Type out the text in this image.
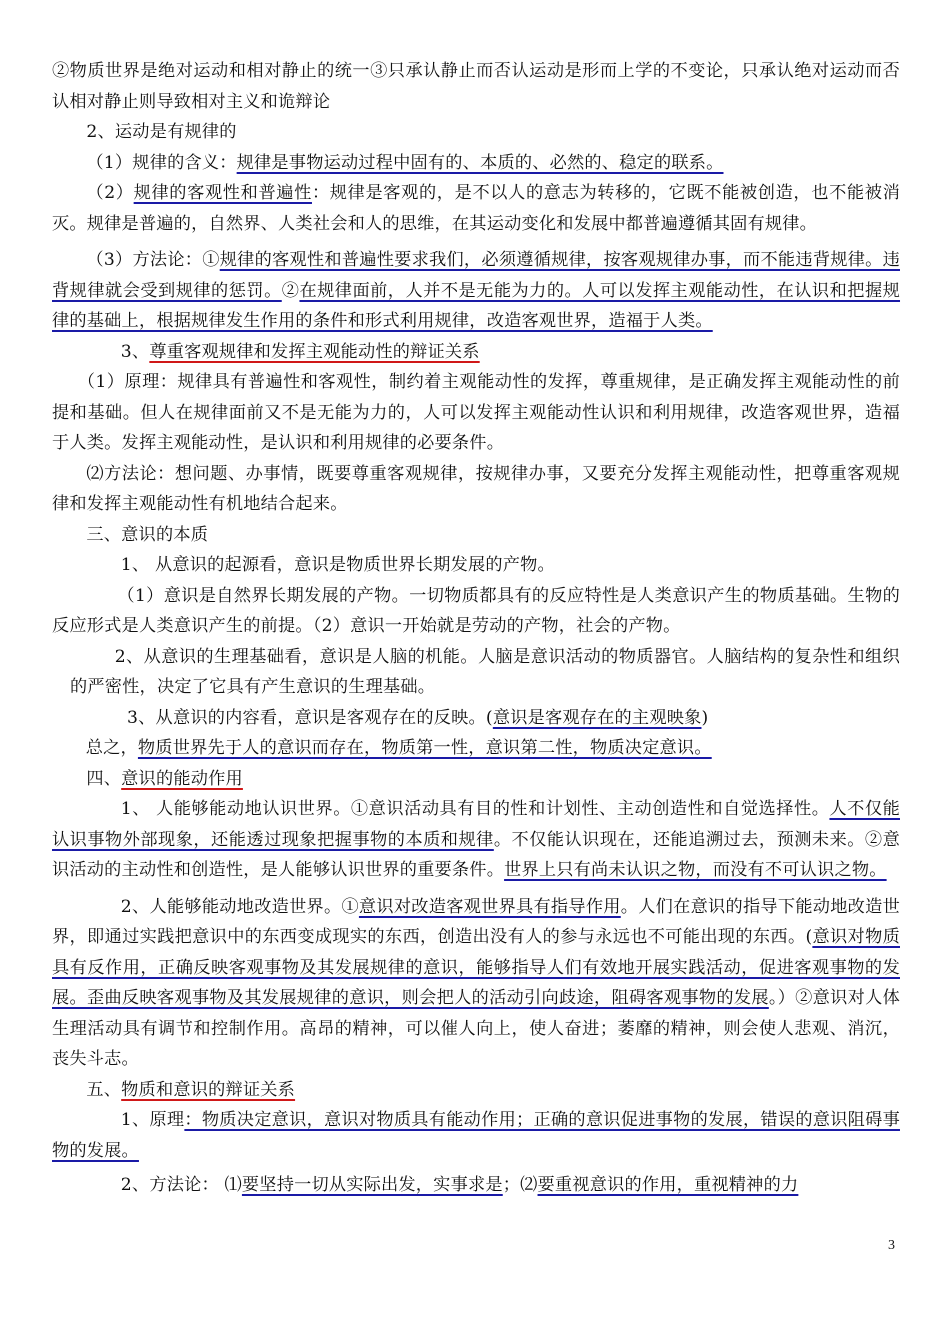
②物质世界是绝对运动和相对静止的统一③只承认静止而否认运动是形而上学的不变论，只承认绝对运动而否认相对静止则导致相对主义和诡辩论

2、运动是有规律的

（1）规律的含义：规律是事物运动过程中固有的、本质的、必然的、稳定的联系。

（2）规律的客观性和普遍性：规律是客观的，是不以人的意志为转移的，它既不能被创造，也不能被消灭。规律是普遍的，自然界、人类社会和人的思维，在其运动变化和发展中都普遍遵循其固有规律。

（3）方法论：①规律的客观性和普遍性要求我们，必须遵循规律，按客观规律办事，而不能违背规律。违背规律就会受到规律的惩罚。②在规律面前，人并不是无能为力的。人可以发挥主观能动性，在认识和把握规律的基础上，根据规律发生作用的条件和形式利用规律，改造客观世界，造福于人类。

3、尊重客观规律和发挥主观能动性的辩证关系

（1）原理：规律具有普遍性和客观性，制约着主观能动性的发挥，尊重规律，是正确发挥主观能动性的前提和基础。但人在规律面前又不是无能为力的，人可以发挥主观能动性认识和利用规律，改造客观世界，造福于人类。发挥主观能动性，是认识和利用规律的必要条件。

⑵方法论：想问题、办事情，既要尊重客观规律，按规律办事，又要充分发挥主观能动性，把尊重客观规律和发挥主观能动性有机地结合起来。

三、意识的本质

1、 从意识的起源看，意识是物质世界长期发展的产物。

（1）意识是自然界长期发展的产物。一切物质都具有的反应特性是人类意识产生的物质基础。生物的反应形式是人类意识产生的前提。（2）意识一开始就是劳动的产物，社会的产物。

2、从意识的生理基础看，意识是人脑的机能。人脑是意识活动的物质器官。人脑结构的复杂性和组织的严密性，决定了它具有产生意识的生理基础。

3、从意识的内容看，意识是客观存在的反映。(意识是客观存在的主观映象)

总之，物质世界先于人的意识而存在，物质第一性，意识第二性，物质决定意识。

四、意识的能动作用

1、 人能够能动地认识世界。①意识活动具有目的性和计划性、主动创造性和自觉选择性。人不仅能认识事物外部现象，还能透过现象把握事物的本质和规律。不仅能认识现在，还能追溯过去，预测未来。②意识活动的主动性和创造性，是人能够认识世界的重要条件。世界上只有尚未认识之物，而没有不可认识之物。

2、人能够能动地改造世界。①意识对改造客观世界具有指导作用。人们在意识的指导下能动地改造世界，即通过实践把意识中的东西变成现实的东西，创造出没有人的参与永远也不可能出现的东西。(意识对物质具有反作用，正确反映客观事物及其发展规律的意识，能够指导人们有效地开展实践活动，促进客观事物的发展。歪曲反映客观事物及其发展规律的意识，则会把人的活动引向歧途，阻碍客观事物的发展。）②意识对人体生理活动具有调节和控制作用。高昂的精神，可以催人向上，使人奋进；萎靡的精神，则会使人悲观、消沉，丧失斗志。

五、物质和意识的辩证关系

1、原理：物质决定意识，意识对物质具有能动作用；正确的意识促进事物的发展，错误的意识阻碍事物的发展。

2、方法论： ⑴要坚持一切从实际出发，实事求是；⑵要重视意识的作用，重视精神的力

3
